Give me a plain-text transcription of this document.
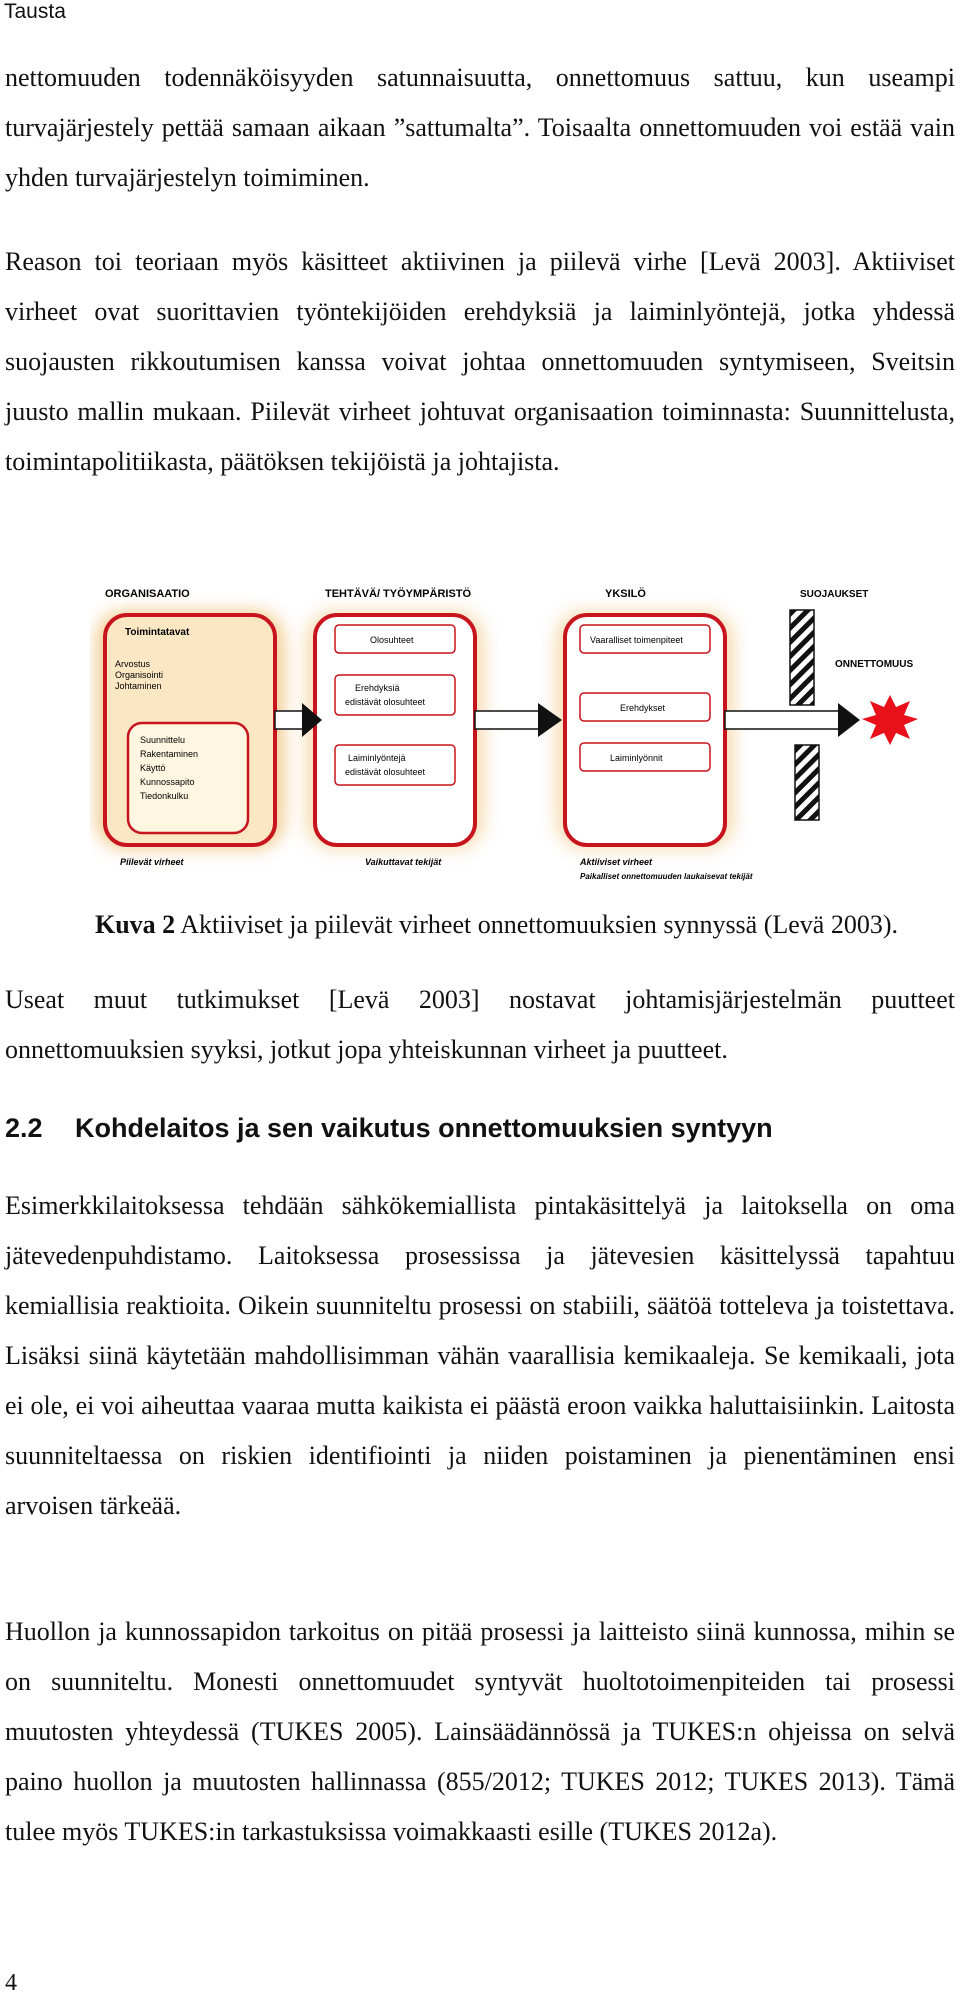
Tausta
nettomuuden todennäköisyyden satunnaisuutta, onnettomuus sattuu, kun useampi turvajärjestely pettää samaan aikaan ”sattumalta”. Toisaalta onnettomuuden voi estää vain yhden turvajärjestelyn toimiminen.
Reason toi teoriaan myös käsitteet aktiivinen ja piilevä virhe [Levä 2003]. Aktiiviset virheet ovat suorittavien työntekijöiden erehdyksiä ja laiminlyöntejä, jotka yhdessä suojausten rikkoutumisen kanssa voivat johtaa onnettomuuden syntymiseen, Sveitsin juusto mallin mukaan. Piilevät virheet johtuvat organisaation toiminnasta: Suunnittelusta, toimintapolitiikasta, päätöksen tekijöistä ja johtajista.
ORGANISAATIO	TEHTÄVÄ/ TYÖYMPÄRISTÖ	YKSILÖ	SUOJAUKSET
Toimintatavat
Arvostus
Organisointi
Johtaminen
Suunnittelu
Rakentaminen
Käyttö
Kunnossapito
Tiedonkulku
Olosuhteet
Erehdyksiä
edistävät olosuhteet
Laiminlyöntejä
edistävät olosuhteet
Vaaralliset toimenpiteet
Erehdykset
Laiminlyönnit
ONNETTOMUUS
Piilevät virheet	Vaikuttavat tekijät	Aktiiviset virheet
Paikalliset onnettomuuden laukaisevat tekijät
Kuva 2 Aktiiviset ja piilevät virheet onnettomuuksien synnyssä (Levä 2003).
Useat muut tutkimukset [Levä 2003] nostavat johtamisjärjestelmän puutteet onnettomuuksien syyksi, jotkut jopa yhteiskunnan virheet ja puutteet.
2.2 Kohdelaitos ja sen vaikutus onnettomuuksien syntyyn
Esimerkkilaitoksessa tehdään sähkökemiallista pintakäsittelyä ja laitoksella on oma jätevedenpuhdistamo. Laitoksessa prosessissa ja jätevesien käsittelyssä tapahtuu kemiallisia reaktioita. Oikein suunniteltu prosessi on stabiili, säätöä totteleva ja toistettava. Lisäksi siinä käytetään mahdollisimman vähän vaarallisia kemikaaleja. Se kemikaali, jota ei ole, ei voi aiheuttaa vaaraa mutta kaikista ei päästä eroon vaikka haluttaisiinkin. Laitosta suunniteltaessa on riskien identifiointi ja niiden poistaminen ja pienentäminen ensi arvoisen tärkeää.
Huollon ja kunnossapidon tarkoitus on pitää prosessi ja laitteisto siinä kunnossa, mihin se on suunniteltu. Monesti onnettomuudet syntyvät huoltotoimenpiteiden tai prosessi muutosten yhteydessä (TUKES 2005). Lainsäädännössä ja TUKES:n ohjeissa on selvä paino huollon ja muutosten hallinnassa (855/2012; TUKES 2012; TUKES 2013). Tämä tulee myös TUKES:in tarkastuksissa voimakkaasti esille (TUKES 2012a).
4
